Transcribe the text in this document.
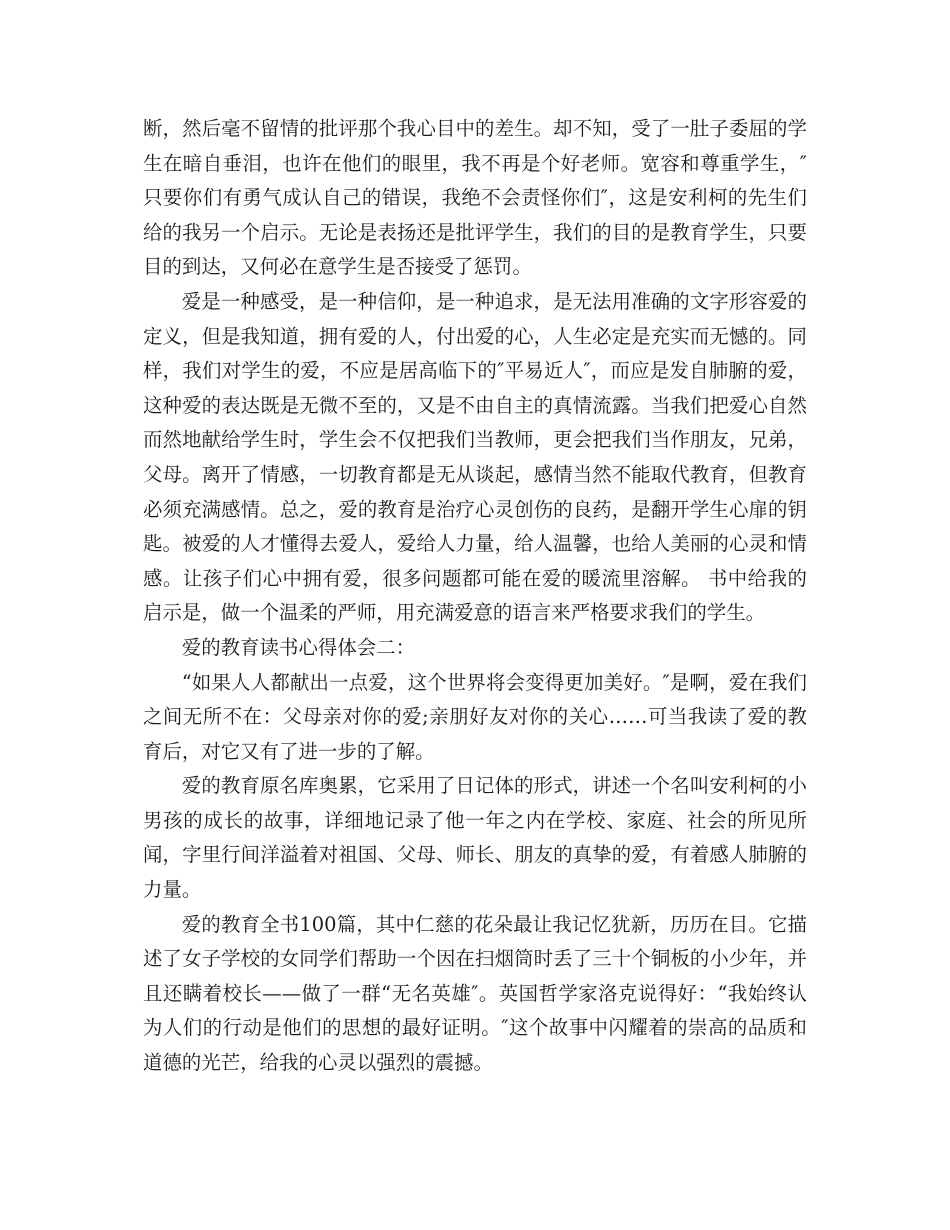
断，然后毫不留情的批评那个我心目中的差生。却不知，受了一肚子委屈的学生在暗自垂泪，也许在他们的眼里，我不再是个好老师。宽容和尊重学生，″只要你们有勇气成认自己的错误，我绝不会责怪你们″，这是安利柯的先生们给的我另一个启示。无论是表扬还是批评学生，我们的目的是教育学生，只要目的到达，又何必在意学生是否接受了惩罚。

爱是一种感受，是一种信仰，是一种追求，是无法用准确的文字形容爱的定义，但是我知道，拥有爱的人，付出爱的心，人生必定是充实而无憾的。同样，我们对学生的爱，不应是居高临下的″平易近人″，而应是发自肺腑的爱，这种爱的表达既是无微不至的，又是不由自主的真情流露。当我们把爱心自然而然地献给学生时，学生会不仅把我们当教师，更会把我们当作朋友，兄弟，父母。离开了情感，一切教育都是无从谈起，感情当然不能取代教育，但教育必须充满感情。总之，爱的教育是治疗心灵创伤的良药，是翻开学生心扉的钥匙。被爱的人才懂得去爱人，爱给人力量，给人温馨，也给人美丽的心灵和情感。让孩子们心中拥有爱，很多问题都可能在爱的暖流里溶解。 书中给我的启示是，做一个温柔的严师，用充满爱意的语言来严格要求我们的学生。

爱的教育读书心得体会二：

“如果人人都献出一点爱，这个世界将会变得更加美好。″是啊，爱在我们之间无所不在：父母亲对你的爱;亲朋好友对你的关心……可当我读了爱的教育后，对它又有了进一步的了解。

爱的教育原名库奥累，它采用了日记体的形式，讲述一个名叫安利柯的小男孩的成长的故事，详细地记录了他一年之内在学校、家庭、社会的所见所闻，字里行间洋溢着对祖国、父母、师长、朋友的真挚的爱，有着感人肺腑的力量。

爱的教育全书100篇，其中仁慈的花朵最让我记忆犹新，历历在目。它描述了女子学校的女同学们帮助一个因在扫烟筒时丢了三十个铜板的小少年，并且还瞒着校长——做了一群“无名英雄″。英国哲学家洛克说得好：“我始终认为人们的行动是他们的思想的最好证明。″这个故事中闪耀着的崇高的品质和道德的光芒，给我的心灵以强烈的震撼。
